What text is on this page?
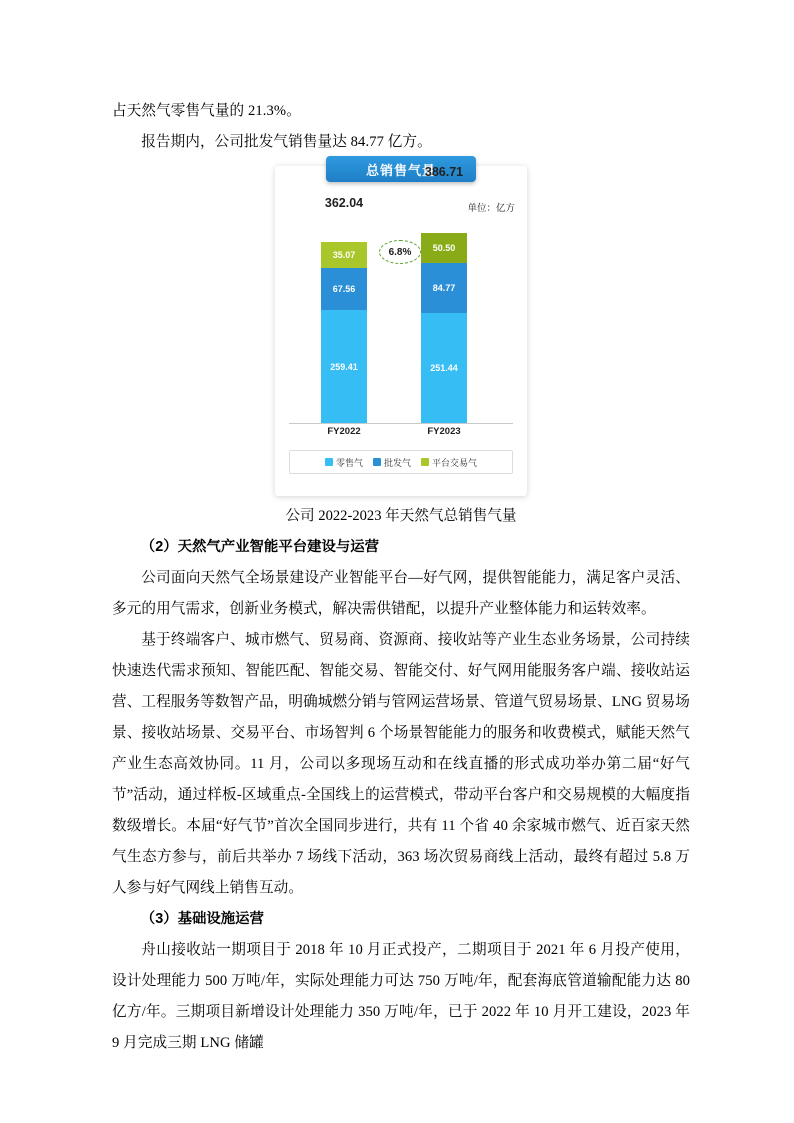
占天然气零售气量的 21.3%。

报告期内，公司批发气销售量达 84.77 亿方。

总销售气量
单位：亿方
6.8%
362.04
35.07
67.56
259.41
386.71
50.50
84.77
251.44
FY2022	FY2023
零售气 批发气 平台交易气

公司 2022-2023 年天然气总销售气量

（2）天然气产业智能平台建设与运营

公司面向天然气全场景建设产业智能平台—好气网，提供智能能力，满足客户灵活、多元的用气需求，创新业务模式，解决需供错配，以提升产业整体能力和运转效率。

基于终端客户、城市燃气、贸易商、资源商、接收站等产业生态业务场景，公司持续快速迭代需求预知、智能匹配、智能交易、智能交付、好气网用能服务客户端、接收站运营、工程服务等数智产品，明确城燃分销与管网运营场景、管道气贸易场景、LNG 贸易场景、接收站场景、交易平台、市场智判 6 个场景智能能力的服务和收费模式，赋能天然气产业生态高效协同。11 月，公司以多现场互动和在线直播的形式成功举办第二届“好气节”活动，通过样板-区域重点-全国线上的运营模式，带动平台客户和交易规模的大幅度指数级增长。本届“好气节”首次全国同步进行，共有 11 个省 40 余家城市燃气、近百家天然气生态方参与，前后共举办 7 场线下活动，363 场次贸易商线上活动，最终有超过 5.8 万人参与好气网线上销售互动。

（3）基础设施运营

舟山接收站一期项目于 2018 年 10 月正式投产，二期项目于 2021 年 6 月投产使用，设计处理能力 500 万吨/年，实际处理能力可达 750 万吨/年，配套海底管道输配能力达 80 亿方/年。三期项目新增设计处理能力 350 万吨/年，已于 2022 年 10 月开工建设，2023 年 9 月完成三期 LNG 储罐
